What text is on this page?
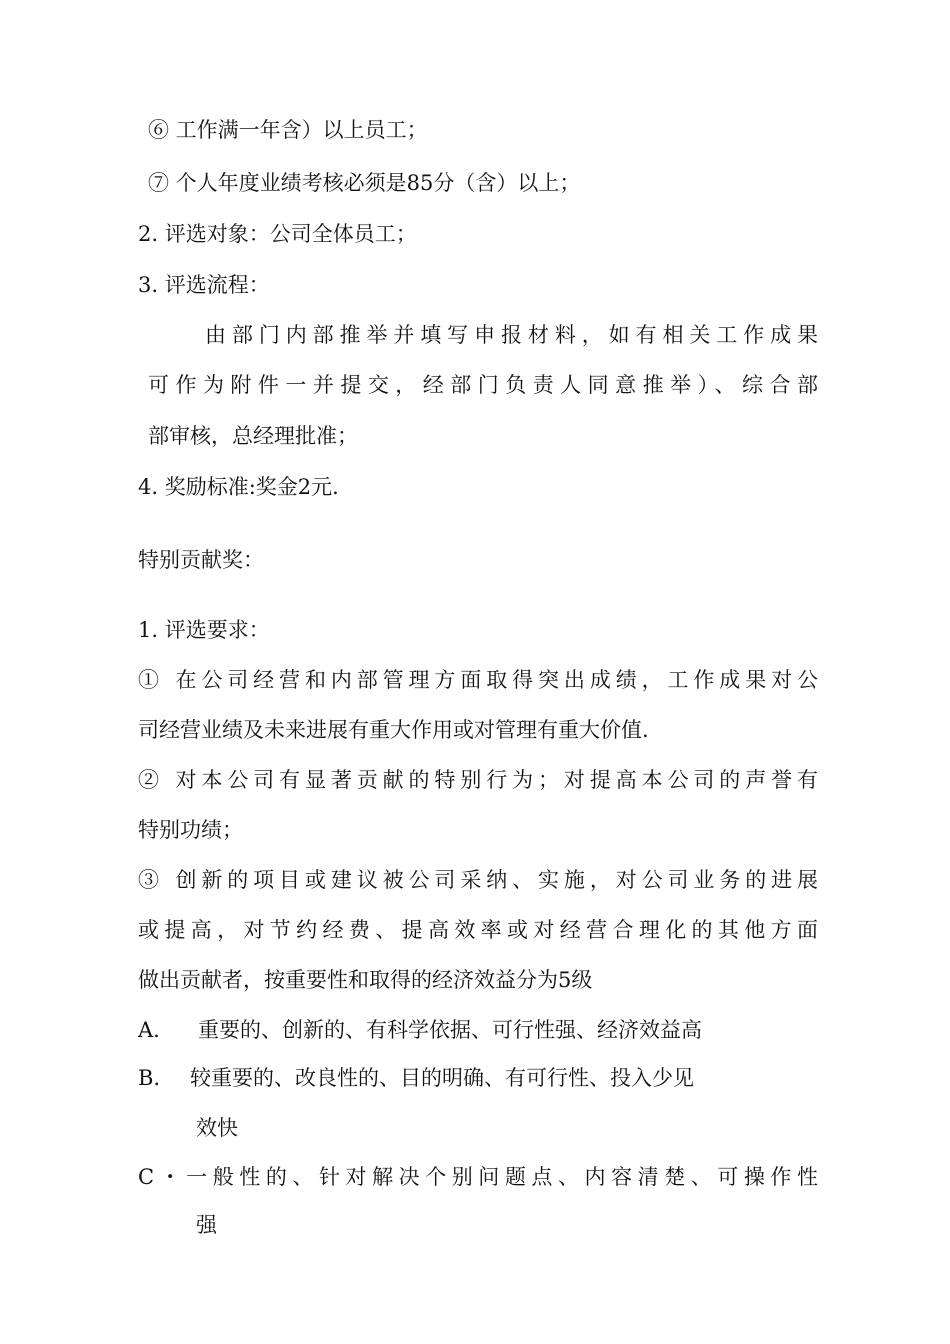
⑥ 工作满一年含）以上员工；
⑦ 个人年度业绩考核必须是85分（含）以上；
2. 评选对象：公司全体员工；
3. 评选流程：
由部门内部推举并填写申报材料，如有相关工作成果
可作为附件一并提交，经部门负责人同意推举）、综合部
部审核，总经理批准；
4. 奖励标准:奖金2元.
特别贡献奖：
1. 评选要求：
① 在公司经营和内部管理方面取得突出成绩，工作成果对公
司经营业绩及未来进展有重大作用或对管理有重大价值.
② 对本公司有显著贡献的特别行为；对提高本公司的声誉有
特别功绩；
③ 创新的项目或建议被公司采纳、实施，对公司业务的进展
或提高，对节约经费、提高效率或对经营合理化的其他方面
做出贡献者，按重要性和取得的经济效益分为5级
A. 重要的、创新的、有科学依据、可行性强、经济效益高
B. 较重要的、改良性的、目的明确、有可行性、投入少见
效快
C・一般性的、针对解决个别问题点、内容清楚、可操作性
强
